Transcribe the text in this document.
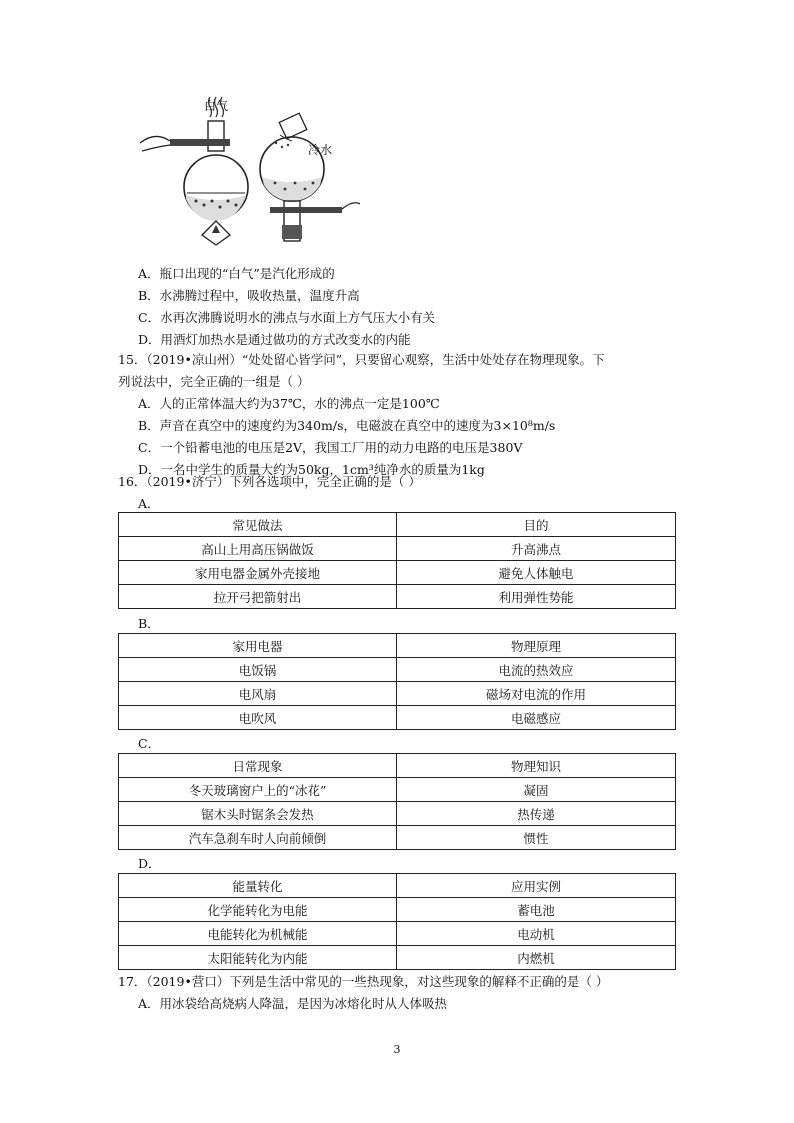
白气
冷水
A．瓶口出现的“白气”是汽化形成的
B．水沸腾过程中，吸收热量，温度升高
C．水再次沸腾说明水的沸点与水面上方气压大小有关
D．用酒灯加热水是通过做功的方式改变水的内能
15．（2019•凉山州）“处处留心皆学问”，只要留心观察，生活中处处存在物理现象。下
列说法中，完全正确的一组是（ ）
A．人的正常体温大约为37℃，水的沸点一定是100℃
B．声音在真空中的速度约为340m/s，电磁波在真空中的速度为3×10⁸m/s
C．一个铅蓄电池的电压是2V，我国工厂用的动力电路的电压是380V
D．一名中学生的质量大约为50kg，1cm³纯净水的质量为1kg
16．（2019•济宁）下列各选项中，完全正确的是（ ）
A．
常见做法	目的
高山上用高压锅做饭	升高沸点
家用电器金属外壳接地	避免人体触电
拉开弓把箭射出	利用弹性势能
B．
家用电器	物理原理
电饭锅	电流的热效应
电风扇	磁场对电流的作用
电吹风	电磁感应
C．
日常现象	物理知识
冬天玻璃窗户上的“冰花”	凝固
锯木头时锯条会发热	热传递
汽车急刹车时人向前倾倒	惯性
D．
能量转化	应用实例
化学能转化为电能	蓄电池
电能转化为机械能	电动机
太阳能转化为内能	内燃机
17．（2019•营口）下列是生活中常见的一些热现象，对这些现象的解释不正确的是（ ）
A．用冰袋给高烧病人降温，是因为冰熔化时从人体吸热
3
